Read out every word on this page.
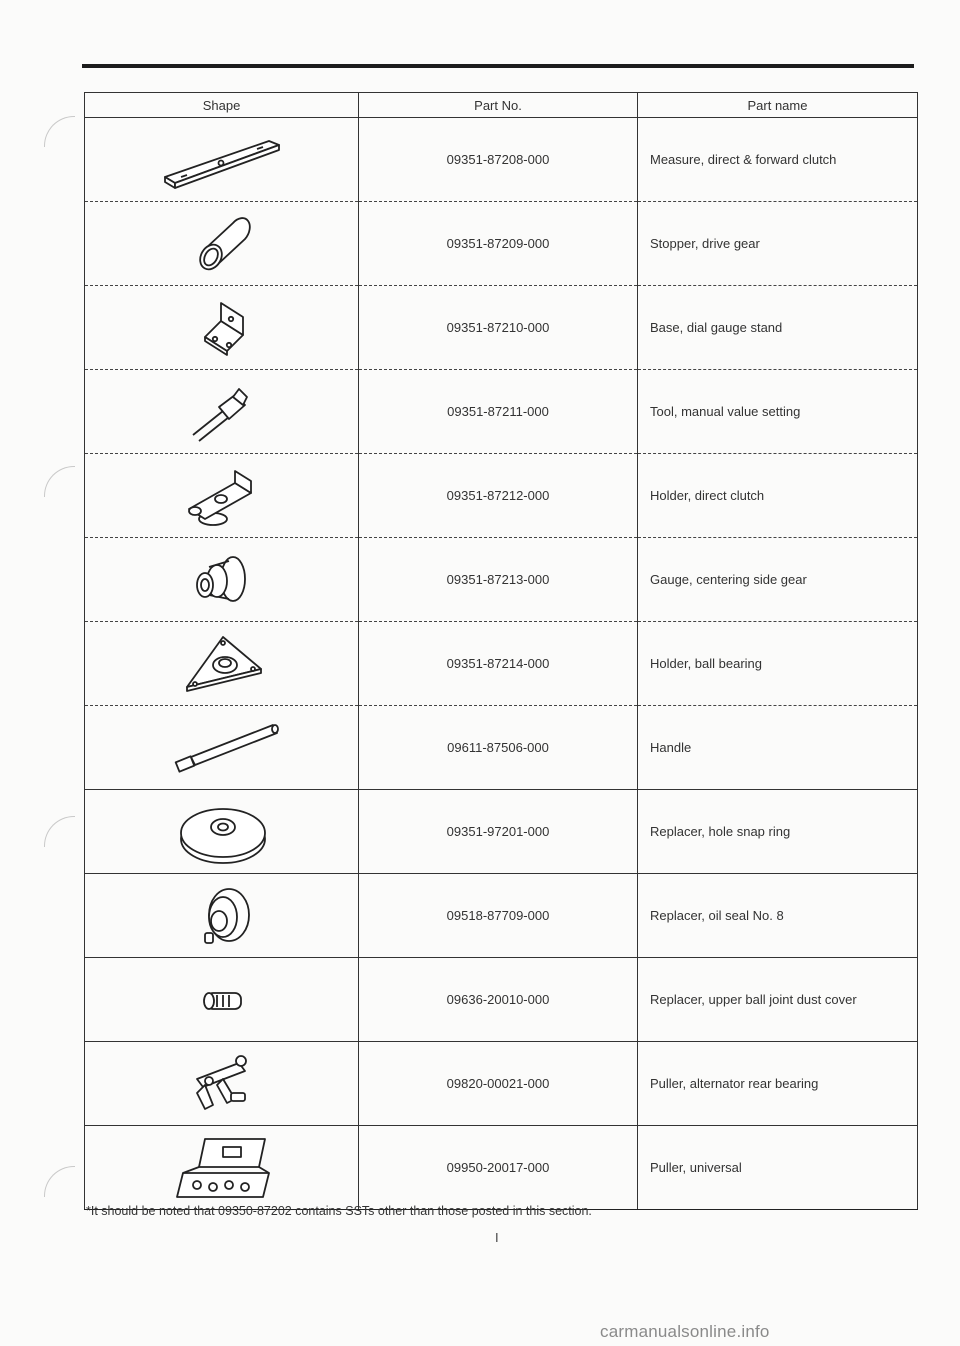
Shape	Part No.	Part name

	09351-87208-000	Measure, direct & forward clutch

	09351-87209-000	Stopper, drive gear

	09351-87210-000	Base, dial gauge stand

	09351-87211-000	Tool, manual value setting

	09351-87212-000	Holder, direct clutch

	09351-87213-000	Gauge, centering side gear

	09351-87214-000	Holder, ball bearing

	09611-87506-000	Handle

	09351-97201-000	Replacer, hole snap ring

	09518-87709-000	Replacer, oil seal No. 8

	09636-20010-000	Replacer, upper ball joint dust cover

	09820-00021-000	Puller, alternator rear bearing

	09950-20017-000	Puller, universal
*It should be noted that 09350-87202 contains SSTs other than those posted in this section.
I
carmanualsonline.info
